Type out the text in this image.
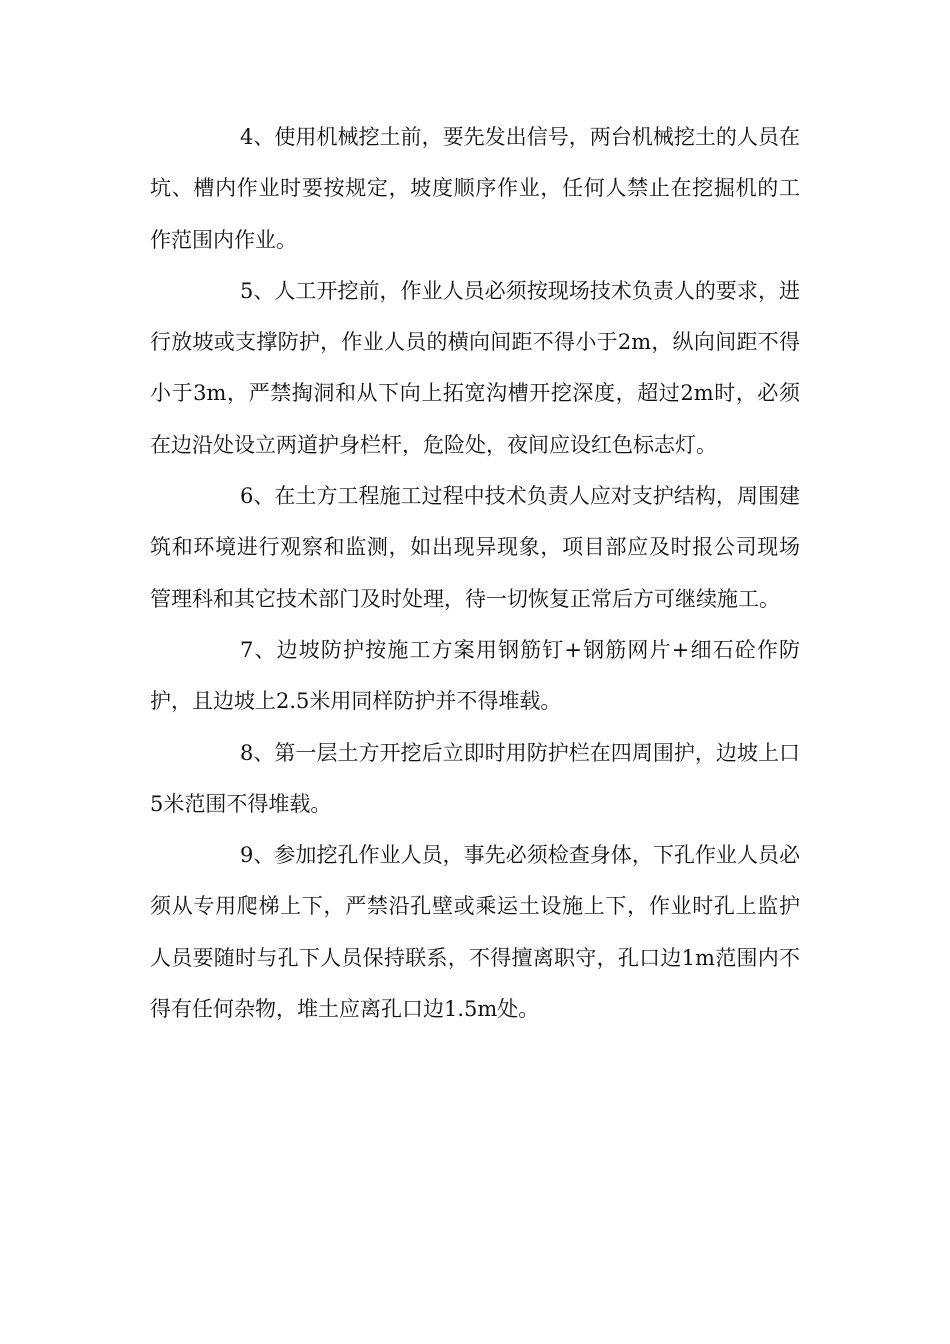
4、使用机械挖土前，要先发出信号，两台机械挖土的人员在坑、槽内作业时要按规定，坡度顺序作业，任何人禁止在挖掘机的工作范围内作业。

5、人工开挖前，作业人员必须按现场技术负责人的要求，进行放坡或支撑防护，作业人员的横向间距不得小于2m，纵向间距不得小于3m，严禁掏洞和从下向上拓宽沟槽开挖深度，超过2m时，必须在边沿处设立两道护身栏杆，危险处，夜间应设红色标志灯。

6、在土方工程施工过程中技术负责人应对支护结构，周围建筑和环境进行观察和监测，如出现异现象，项目部应及时报公司现场管理科和其它技术部门及时处理，待一切恢复正常后方可继续施工。

7、边坡防护按施工方案用钢筋钉+钢筋网片+细石砼作防护，且边坡上2.5米用同样防护并不得堆载。

8、第一层土方开挖后立即时用防护栏在四周围护，边坡上口5米范围不得堆载。

9、参加挖孔作业人员，事先必须检查身体，下孔作业人员必须从专用爬梯上下，严禁沿孔壁或乘运土设施上下，作业时孔上监护人员要随时与孔下人员保持联系，不得擅离职守，孔口边1m范围内不得有任何杂物，堆土应离孔口边1.5m处。
